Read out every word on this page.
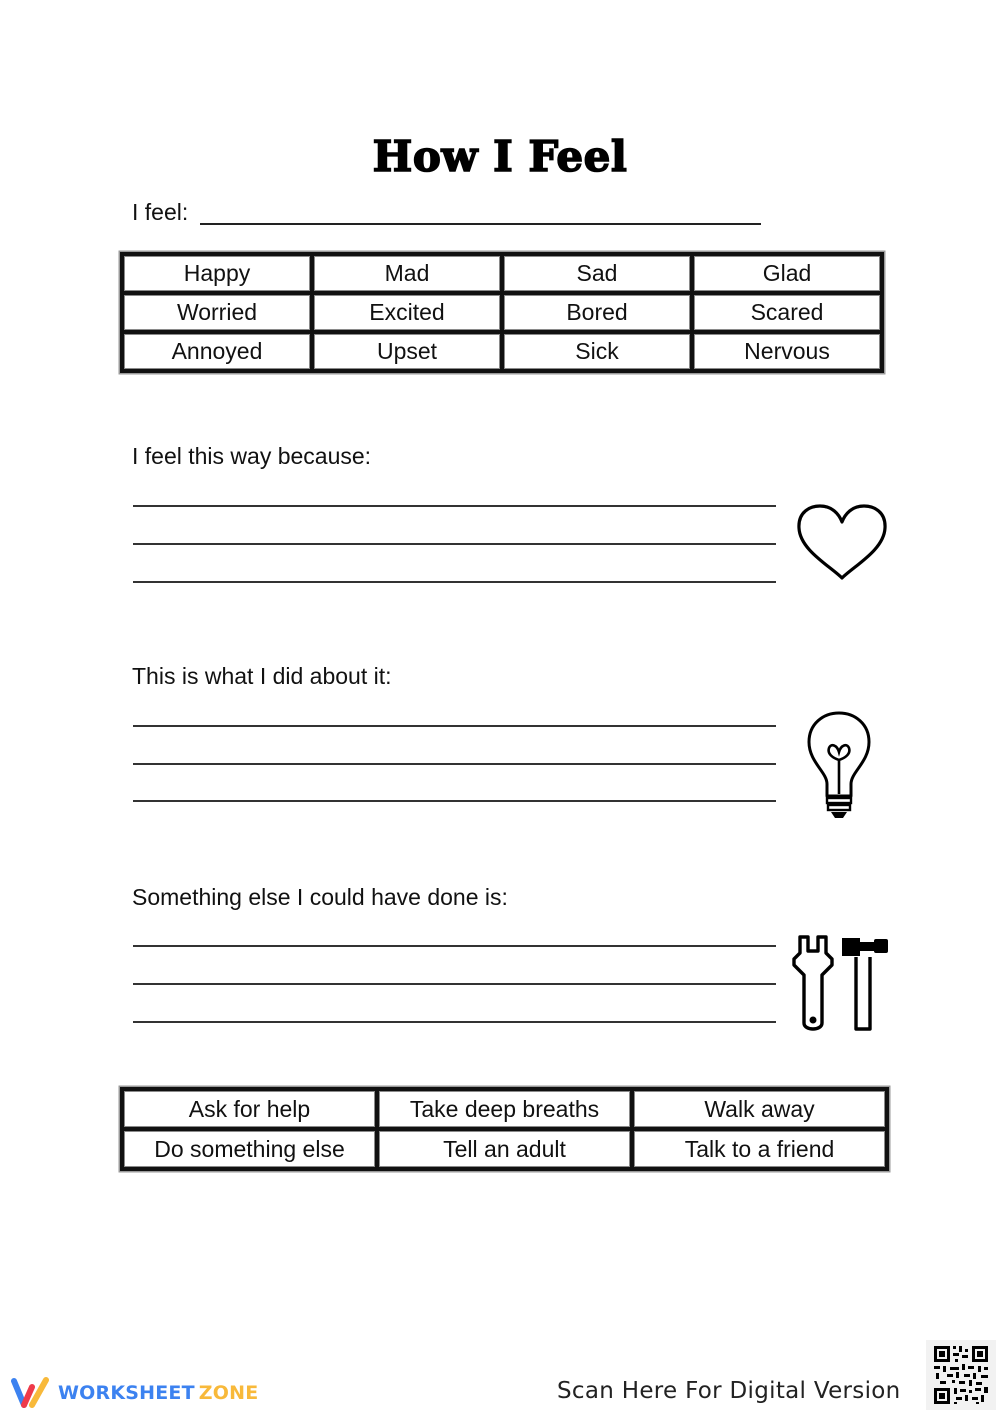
How I Feel
I feel:
Happy	Mad	Sad	Glad
Worried	Excited	Bored	Scared
Annoyed	Upset	Sick	Nervous
I feel this way because:
This is what I did about it:
Something else I could have done is:
Ask for help	Take deep breaths	Walk away
Do something else	Tell an adult	Talk to a friend
WORKSHEET ZONE	Scan Here For Digital Version
